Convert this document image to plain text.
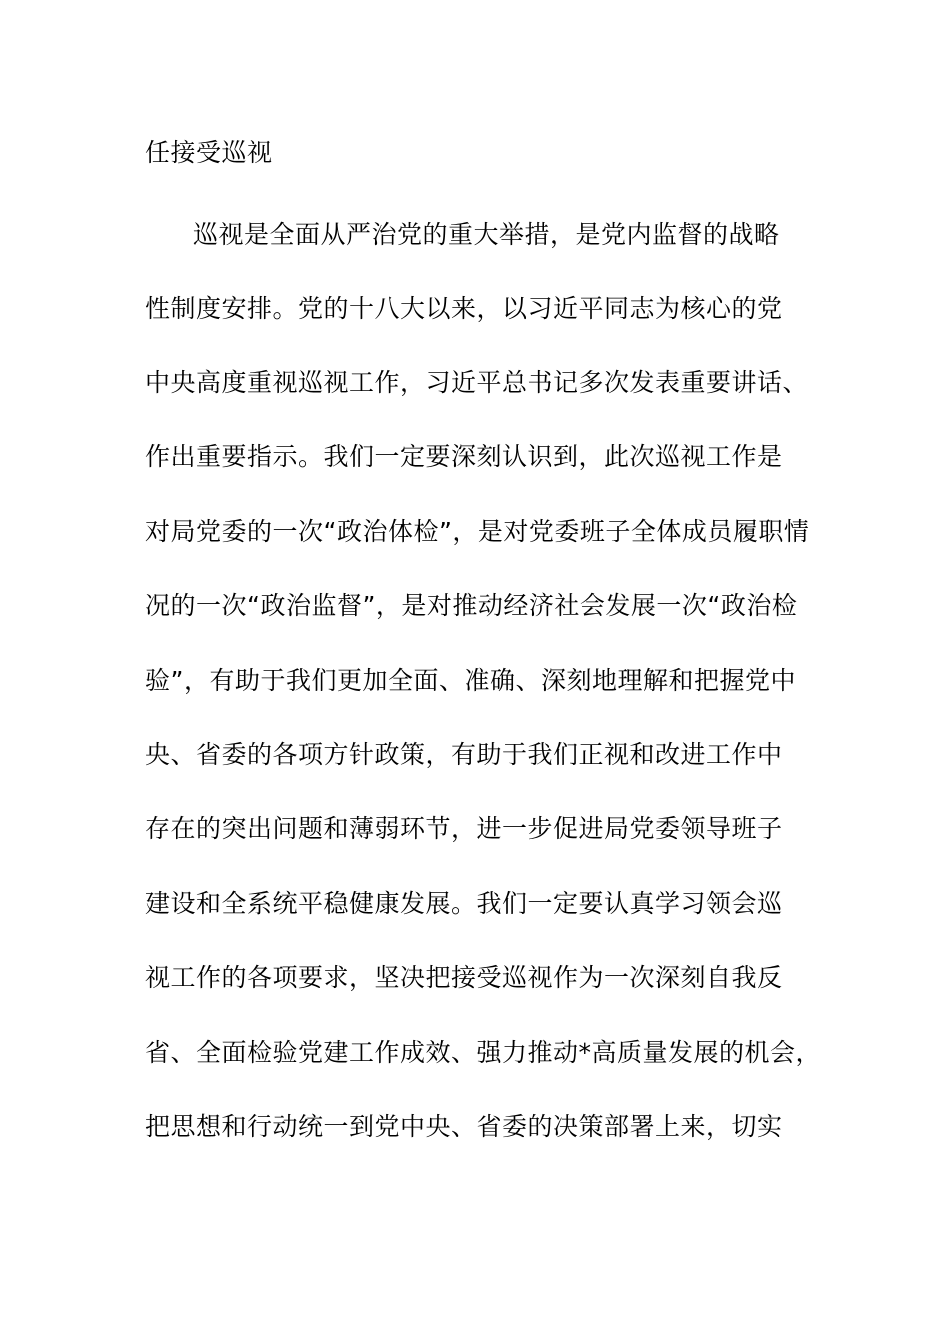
任接受巡视
巡视是全面从严治党的重大举措，是党内监督的战略
性制度安排。党的十八大以来，以习近平同志为核心的党
中央高度重视巡视工作，习近平总书记多次发表重要讲话、
作出重要指示。我们一定要深刻认识到，此次巡视工作是
对局党委的一次“政治体检”，是对党委班子全体成员履职情
况的一次“政治监督”，是对推动经济社会发展一次“政治检
验”，有助于我们更加全面、准确、深刻地理解和把握党中
央、省委的各项方针政策，有助于我们正视和改进工作中
存在的突出问题和薄弱环节，进一步促进局党委领导班子
建设和全系统平稳健康发展。我们一定要认真学习领会巡
视工作的各项要求，坚决把接受巡视作为一次深刻自我反
省、全面检验党建工作成效、强力推动*高质量发展的机会，
把思想和行动统一到党中央、省委的决策部署上来，切实
